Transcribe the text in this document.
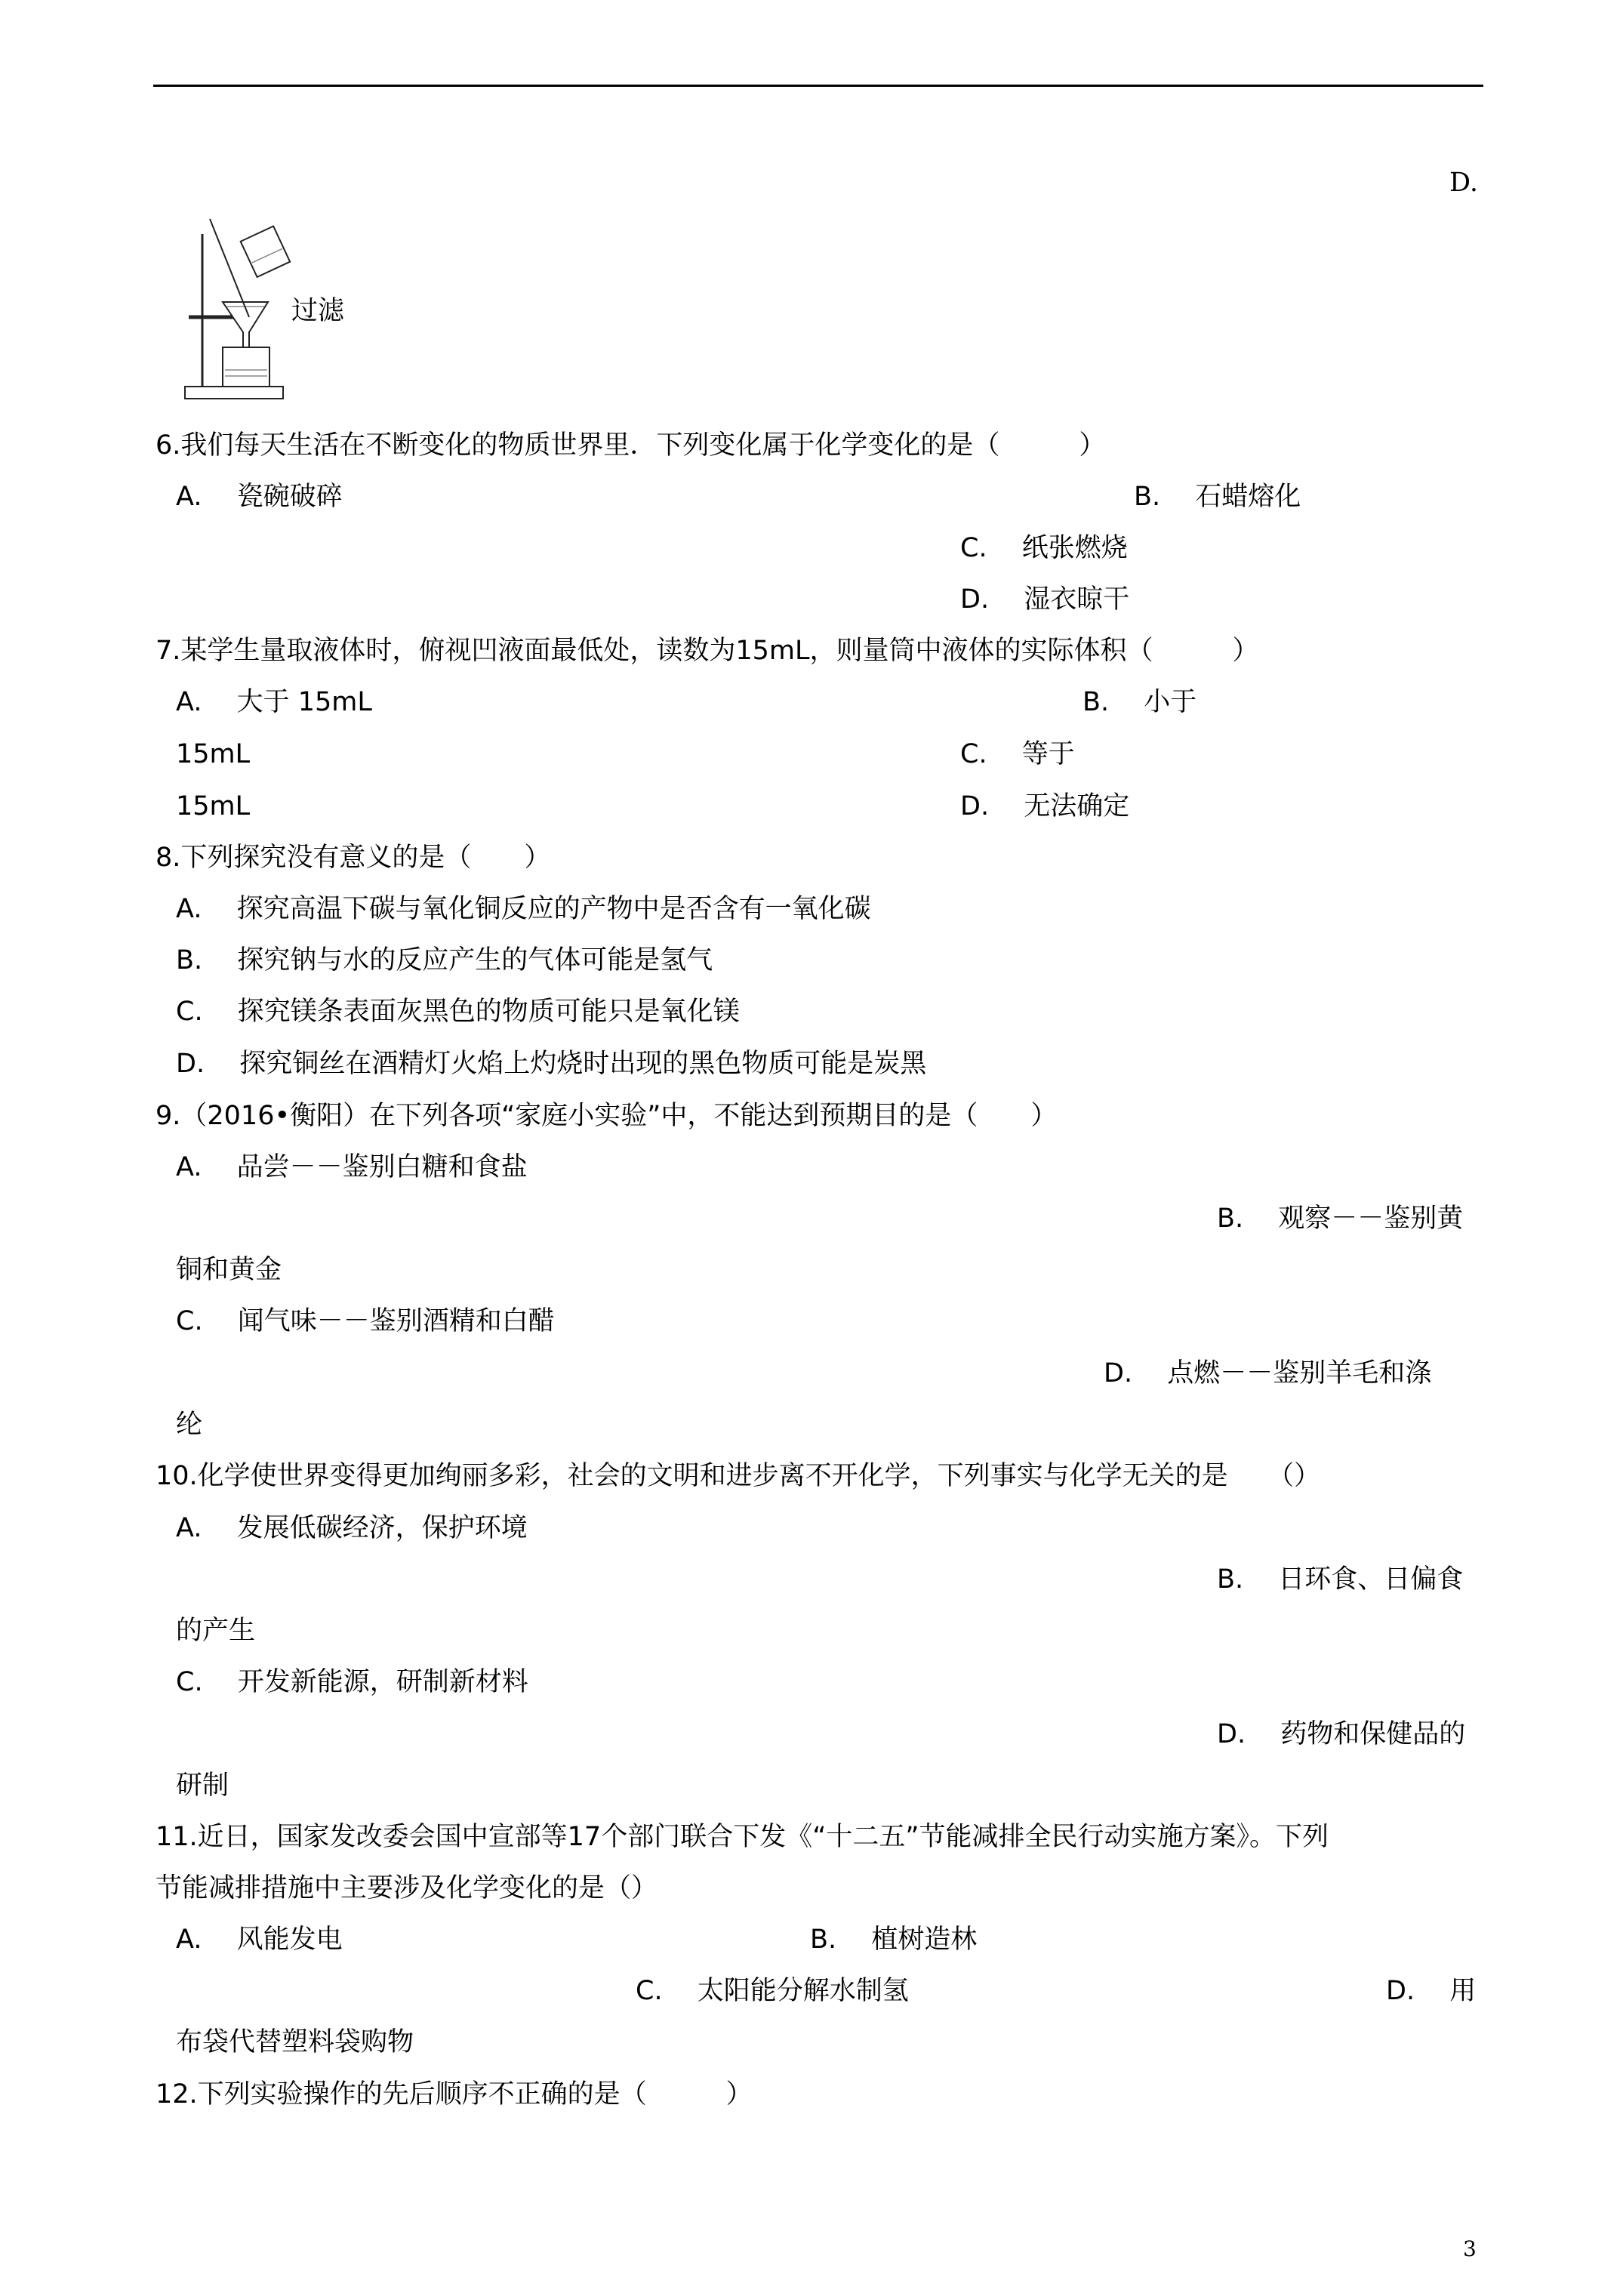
D.
过滤
6.我们每天生活在不断变化的物质世界里．下列变化属于化学变化的是（　　　）
A.　 瓷碗破碎	B.　 石蜡熔化
C.　 纸张燃烧
D.　 湿衣晾干
7.某学生量取液体时，俯视凹液面最低处，读数为15mL，则量筒中液体的实际体积（　　　）
A.　 大于 15mL	B.　 小于
15mL	C.　 等于
15mL	D.　 无法确定
8.下列探究没有意义的是（　　）
A.　 探究高温下碳与氧化铜反应的产物中是否含有一氧化碳
B.　 探究钠与水的反应产生的气体可能是氢气
C.　 探究镁条表面灰黑色的物质可能只是氧化镁
D.　 探究铜丝在酒精灯火焰上灼烧时出现的黑色物质可能是炭黑
9.（2016•衡阳）在下列各项“家庭小实验”中，不能达到预期目的是（　　）
A.　 品尝－－鉴别白糖和食盐
B.　 观察－－鉴别黄
铜和黄金
C.　 闻气味－－鉴别酒精和白醋
D.　 点燃－－鉴别羊毛和涤
纶
10.化学使世界变得更加绚丽多彩，社会的文明和进步离不开化学，下列事实与化学无关的是　　（）
A.　 发展低碳经济，保护环境
B.　 日环食、日偏食
的产生
C.　 开发新能源，研制新材料
D.　 药物和保健品的
研制
11.近日，国家发改委会国中宣部等17个部门联合下发《“十二五”节能减排全民行动实施方案》。下列
节能减排措施中主要涉及化学变化的是（）
A.　 风能发电	B.　 植树造林
C.　 太阳能分解水制氢	D.　 用
布袋代替塑料袋购物
12.下列实验操作的先后顺序不正确的是（　　　）
3
